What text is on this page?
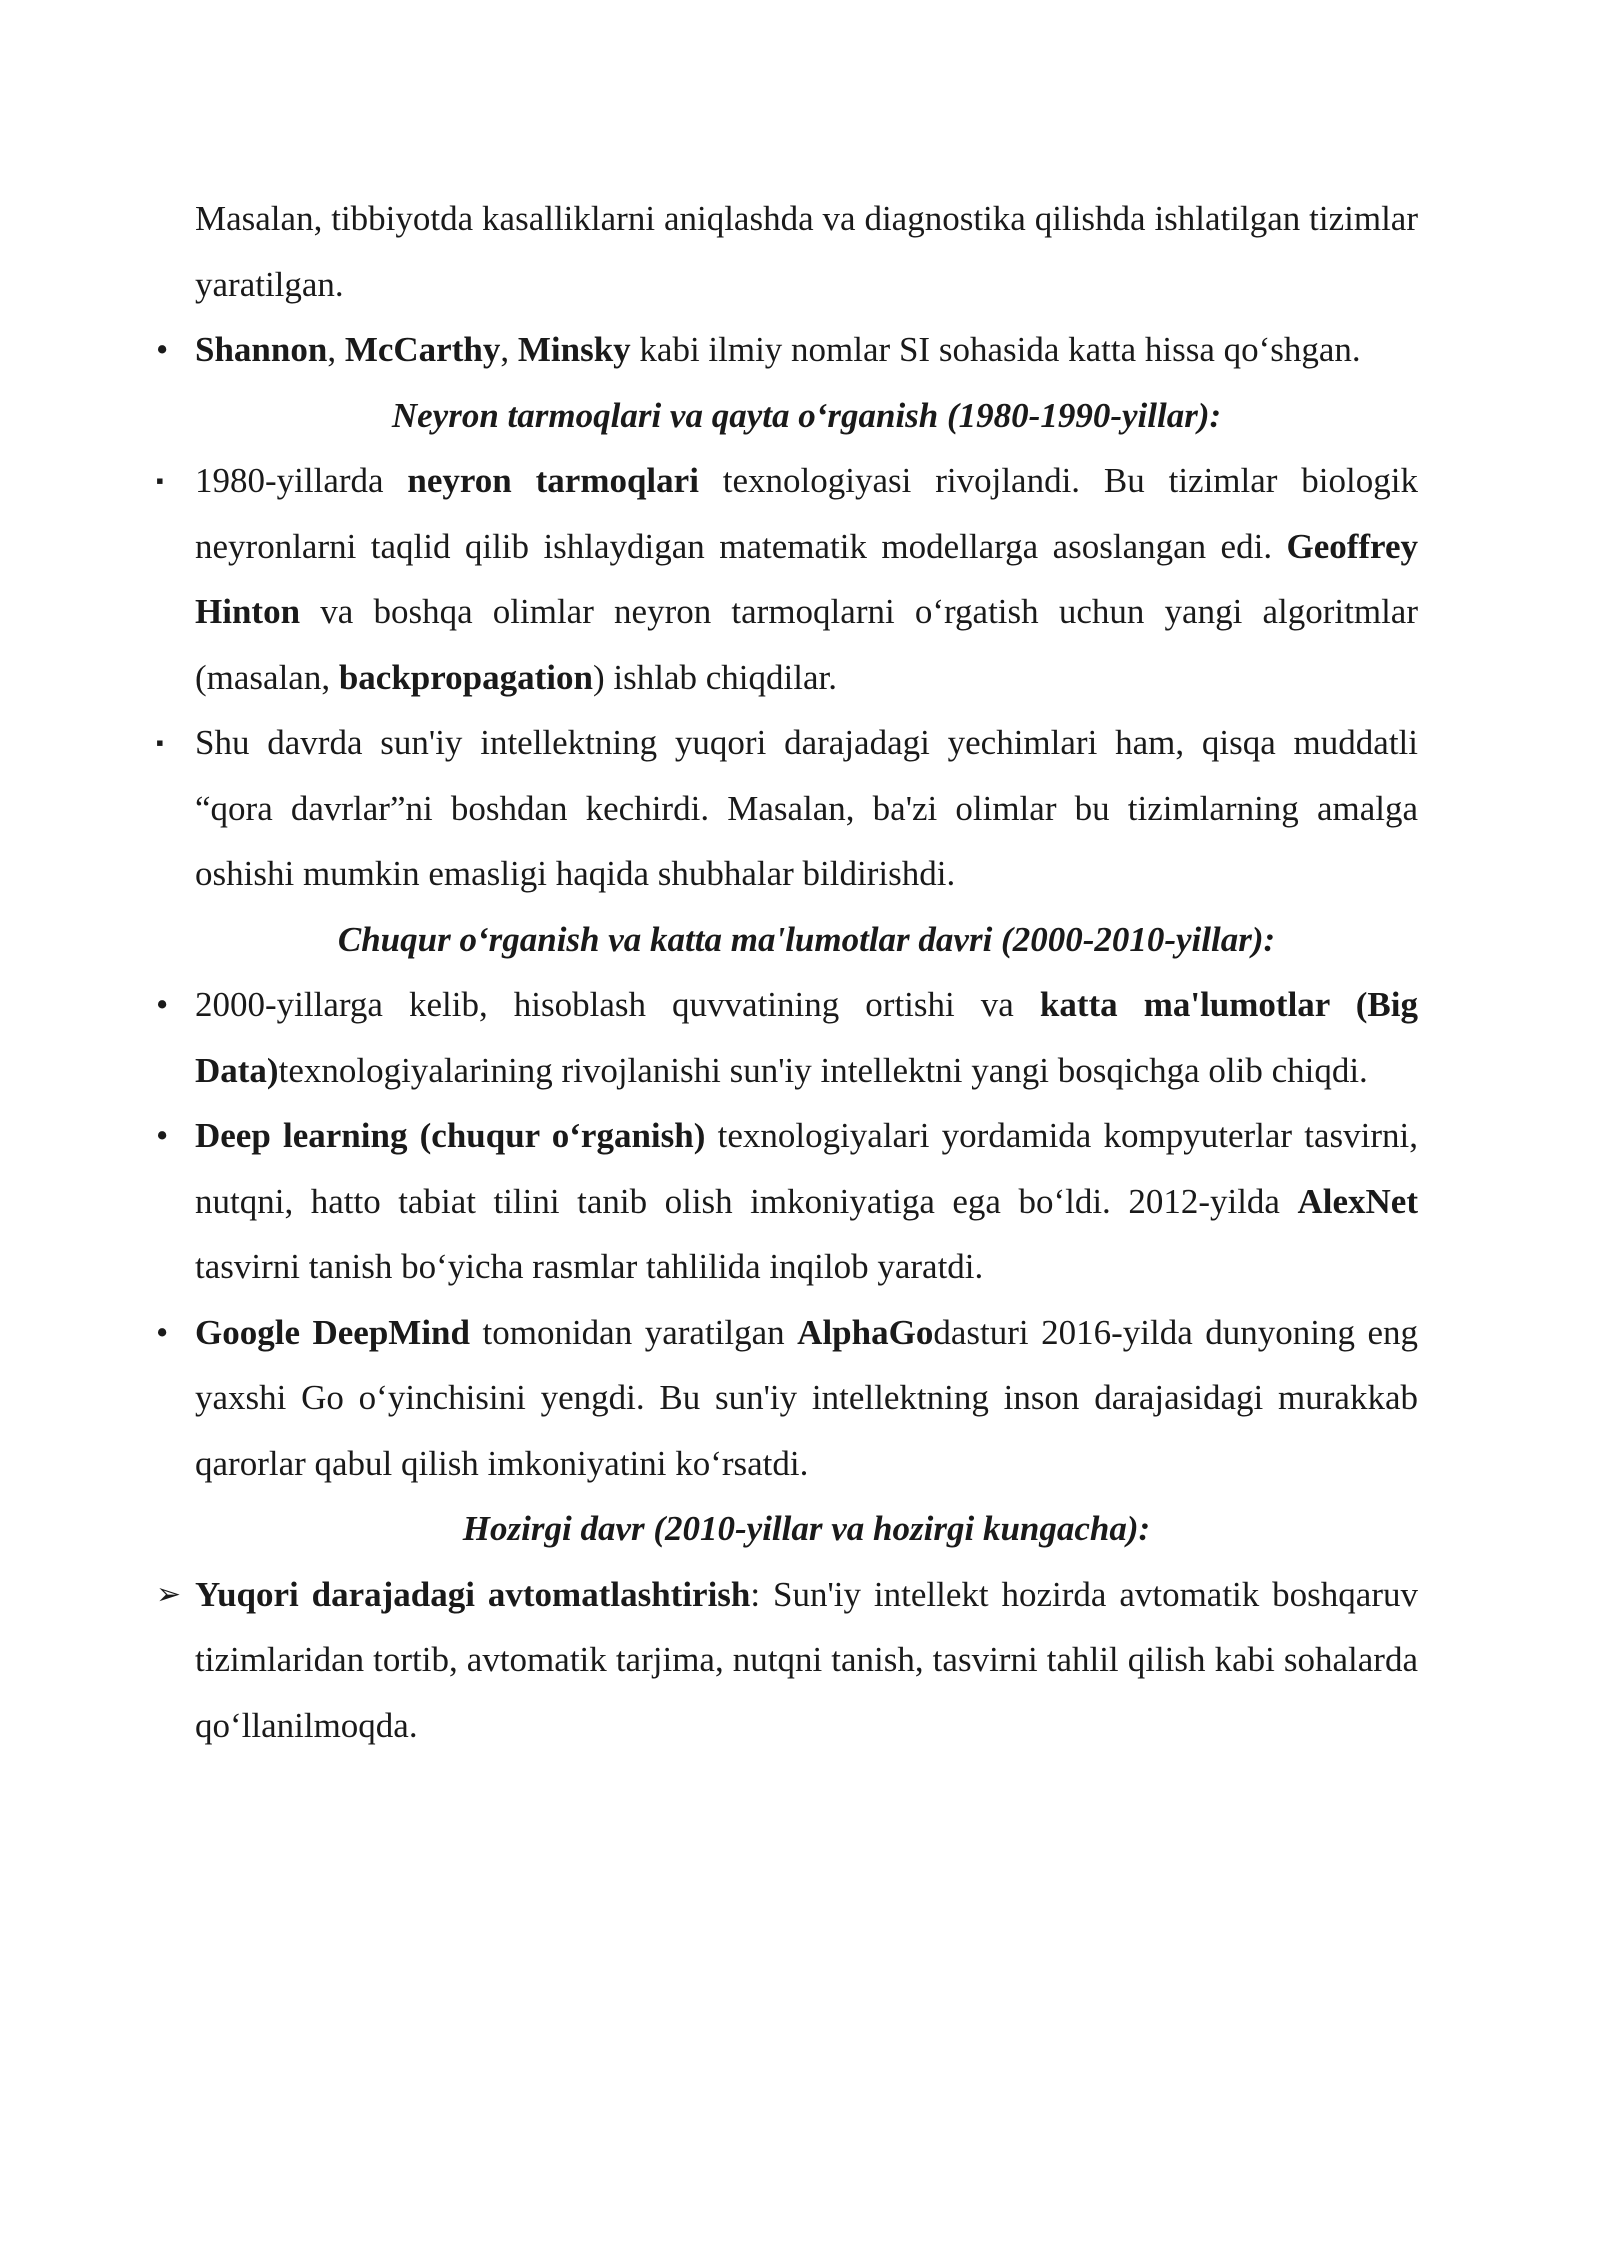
Masalan, tibbiyotda kasalliklarni aniqlashda va diagnostika qilishda ishlatilgan tizimlar yaratilgan.

• Shannon, McCarthy, Minsky kabi ilmiy nomlar SI sohasida katta hissa qo‘shgan.

Neyron tarmoqlari va qayta o‘rganish (1980-1990-yillar):

▪ 1980-yillarda neyron tarmoqlari texnologiyasi rivojlandi. Bu tizimlar biologik neyronlarni taqlid qilib ishlaydigan matematik modellarga asoslangan edi. Geoffrey Hinton va boshqa olimlar neyron tarmoqlarni o‘rgatish uchun yangi algoritmlar (masalan, backpropagation) ishlab chiqdilar.
▪ Shu davrda sun'iy intellektning yuqori darajadagi yechimlari ham, qisqa muddatli “qora davrlar”ni boshdan kechirdi. Masalan, ba'zi olimlar bu tizimlarning amalga oshishi mumkin emasligi haqida shubhalar bildirishdi.

Chuqur o‘rganish va katta ma'lumotlar davri (2000-2010-yillar):

• 2000-yillarga kelib, hisoblash quvvatining ortishi va katta ma'lumotlar (Big Data)texnologiyalarining rivojlanishi sun'iy intellektni yangi bosqichga olib chiqdi.
• Deep learning (chuqur o‘rganish) texnologiyalari yordamida kompyuterlar tasvirni, nutqni, hatto tabiat tilini tanib olish imkoniyatiga ega bo‘ldi. 2012-yilda AlexNet tasvirni tanish bo‘yicha rasmlar tahlilida inqilob yaratdi.
• Google DeepMind tomonidan yaratilgan AlphaGodasturi 2016-yilda dunyoning eng yaxshi Go o‘yinchisini yengdi. Bu sun'iy intellektning inson darajasidagi murakkab qarorlar qabul qilish imkoniyatini ko‘rsatdi.

Hozirgi davr (2010-yillar va hozirgi kungacha):

➢ Yuqori darajadagi avtomatlashtirish: Sun'iy intellekt hozirda avtomatik boshqaruv tizimlaridan tortib, avtomatik tarjima, nutqni tanish, tasvirni tahlil qilish kabi sohalarda qo‘llanilmoqda.
